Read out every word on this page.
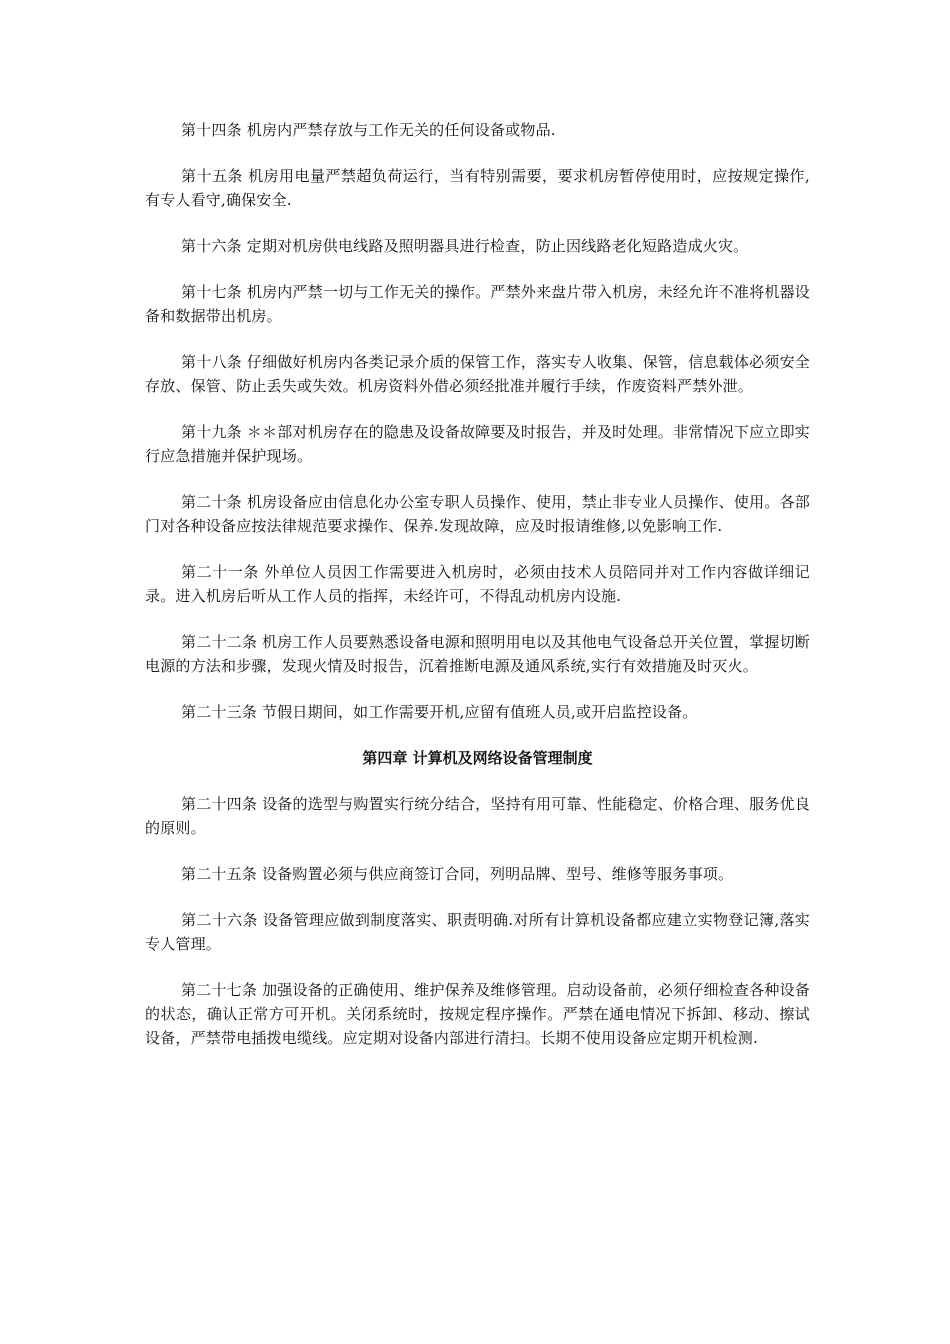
第十四条 机房内严禁存放与工作无关的任何设备或物品.

第十五条 机房用电量严禁超负荷运行，当有特别需要，要求机房暂停使用时，应按规定操作,有专人看守,确保安全.

第十六条 定期对机房供电线路及照明器具进行检查，防止因线路老化短路造成火灾。

第十七条 机房内严禁一切与工作无关的操作。严禁外来盘片带入机房，未经允许不准将机器设备和数据带出机房。

第十八条 仔细做好机房内各类记录介质的保管工作，落实专人收集、保管，信息载体必须安全存放、保管、防止丢失或失效。机房资料外借必须经批准并履行手续，作废资料严禁外泄。

第十九条 ＊＊部对机房存在的隐患及设备故障要及时报告，并及时处理。非常情况下应立即实行应急措施并保护现场。

第二十条 机房设备应由信息化办公室专职人员操作、使用，禁止非专业人员操作、使用。各部门对各种设备应按法律规范要求操作、保养.发现故障，应及时报请维修,以免影响工作.

第二十一条 外单位人员因工作需要进入机房时，必须由技术人员陪同并对工作内容做详细记录。进入机房后听从工作人员的指挥，未经许可，不得乱动机房内设施.

第二十二条 机房工作人员要熟悉设备电源和照明用电以及其他电气设备总开关位置，掌握切断电源的方法和步骤，发现火情及时报告，沉着推断电源及通风系统,实行有效措施及时灭火。

第二十三条 节假日期间，如工作需要开机,应留有值班人员,或开启监控设备。

第四章 计算机及网络设备管理制度

第二十四条 设备的选型与购置实行统分结合，坚持有用可靠、性能稳定、价格合理、服务优良的原则。

第二十五条 设备购置必须与供应商签订合同，列明品牌、型号、维修等服务事项。

第二十六条 设备管理应做到制度落实、职责明确.对所有计算机设备都应建立实物登记簿,落实专人管理。

第二十七条 加强设备的正确使用、维护保养及维修管理。启动设备前，必须仔细检查各种设备的状态，确认正常方可开机。关闭系统时，按规定程序操作。严禁在通电情况下拆卸、移动、擦试设备，严禁带电插拨电缆线。应定期对设备内部进行清扫。长期不使用设备应定期开机检测.
